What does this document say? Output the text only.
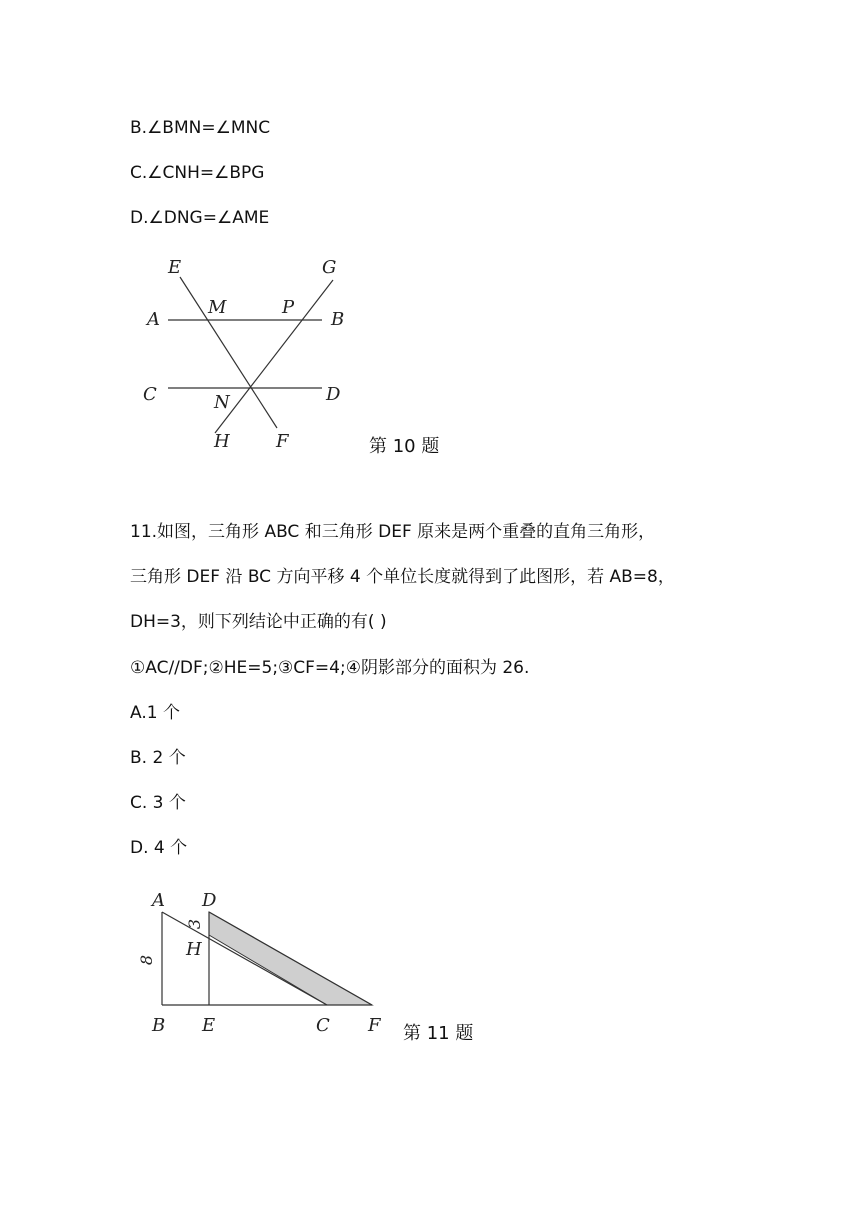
B.∠BMN=∠MNC
C.∠CNH=∠BPG
D.∠DNG=∠AME
E	G
A
M	P
B
C	N	D
H	F	第 10 题
11.如图，三角形 ABC 和三角形 DEF 原来是两个重叠的直角三角形，
三角形 DEF 沿 BC 方向平移 4 个单位长度就得到了此图形，若 AB=8，
DH=3，则下列结论中正确的有( )
①AC//DF;②HE=5;③CF=4;④阴影部分的面积为 26.
A.1 个
B. 2 个
C. 3 个
D. 4 个
A D
H
B E	C F
8
3
第 11 题
